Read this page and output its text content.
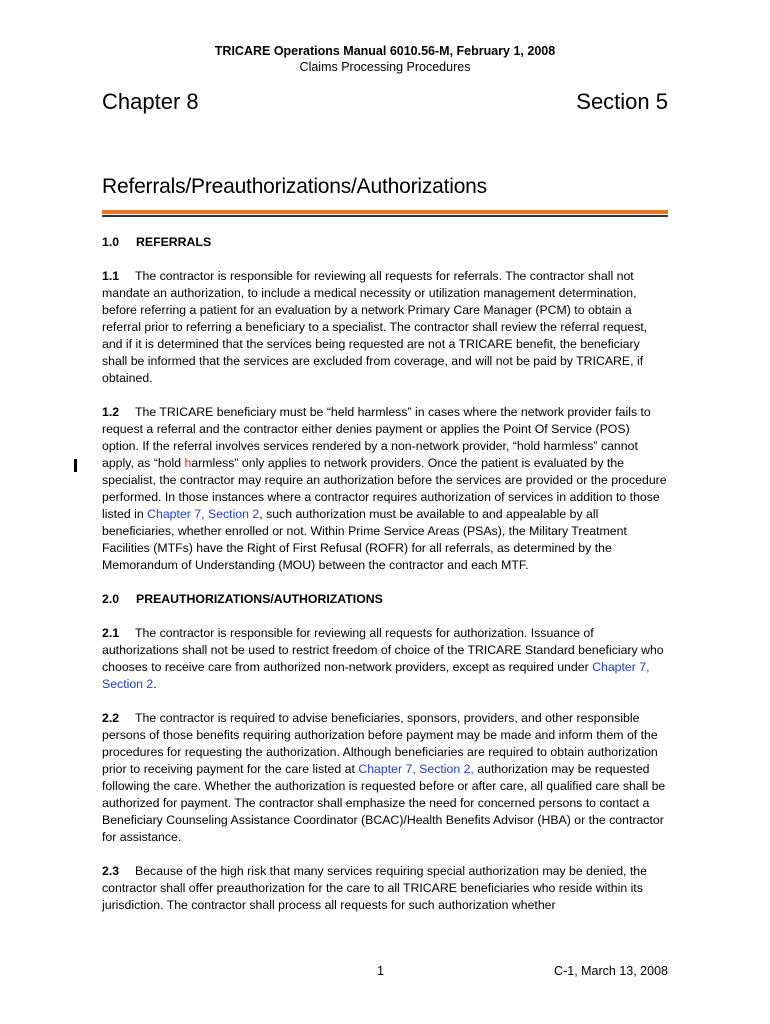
TRICARE Operations Manual 6010.56-M, February 1, 2008
Claims Processing Procedures
Chapter 8	Section 5
Referrals/Preauthorizations/Authorizations
1.0 REFERRALS

1.1 The contractor is responsible for reviewing all requests for referrals. The contractor shall not mandate an authorization, to include a medical necessity or utilization management determination, before referring a patient for an evaluation by a network Primary Care Manager (PCM) to obtain a referral prior to referring a beneficiary to a specialist. The contractor shall review the referral request, and if it is determined that the services being requested are not a TRICARE benefit, the beneficiary shall be informed that the services are excluded from coverage, and will not be paid by TRICARE, if obtained.

1.2 The TRICARE beneficiary must be “held harmless” in cases where the network provider fails to request a referral and the contractor either denies payment or applies the Point Of Service (POS) option. If the referral involves services rendered by a non-network provider, “hold harmless” cannot apply, as “hold harmless” only applies to network providers. Once the patient is evaluated by the specialist, the contractor may require an authorization before the services are provided or the procedure performed. In those instances where a contractor requires authorization of services in addition to those listed in Chapter 7, Section 2, such authorization must be available to and appealable by all beneficiaries, whether enrolled or not. Within Prime Service Areas (PSAs), the Military Treatment Facilities (MTFs) have the Right of First Refusal (ROFR) for all referrals, as determined by the Memorandum of Understanding (MOU) between the contractor and each MTF.

2.0 PREAUTHORIZATIONS/AUTHORIZATIONS

2.1 The contractor is responsible for reviewing all requests for authorization. Issuance of authorizations shall not be used to restrict freedom of choice of the TRICARE Standard beneficiary who chooses to receive care from authorized non-network providers, except as required under Chapter 7, Section 2.

2.2 The contractor is required to advise beneficiaries, sponsors, providers, and other responsible persons of those benefits requiring authorization before payment may be made and inform them of the procedures for requesting the authorization. Although beneficiaries are required to obtain authorization prior to receiving payment for the care listed at Chapter 7, Section 2, authorization may be requested following the care. Whether the authorization is requested before or after care, all qualified care shall be authorized for payment. The contractor shall emphasize the need for concerned persons to contact a Beneficiary Counseling Assistance Coordinator (BCAC)/Health Benefits Advisor (HBA) or the contractor for assistance.

2.3 Because of the high risk that many services requiring special authorization may be denied, the contractor shall offer preauthorization for the care to all TRICARE beneficiaries who reside within its jurisdiction. The contractor shall process all requests for such authorization whether

1	C-1, March 13, 2008
